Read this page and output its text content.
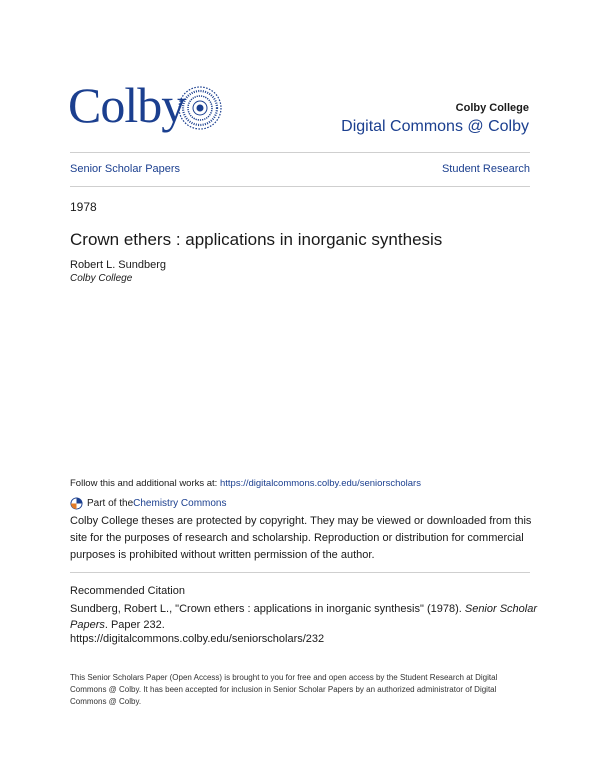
Colby	Colby College
Digital Commons @ Colby
Senior Scholar Papers	Student Research
1978
Crown ethers : applications in inorganic synthesis
Robert L. Sundberg
Colby College
Follow this and additional works at: https://digitalcommons.colby.edu/seniorscholars
Part of the Chemistry Commons
Colby College theses are protected by copyright. They may be viewed or downloaded from this site for the purposes of research and scholarship. Reproduction or distribution for commercial purposes is prohibited without written permission of the author.
Recommended Citation
Sundberg, Robert L., "Crown ethers : applications in inorganic synthesis" (1978). Senior Scholar Papers. Paper 232.
https://digitalcommons.colby.edu/seniorscholars/232
This Senior Scholars Paper (Open Access) is brought to you for free and open access by the Student Research at Digital Commons @ Colby. It has been accepted for inclusion in Senior Scholar Papers by an authorized administrator of Digital Commons @ Colby.
